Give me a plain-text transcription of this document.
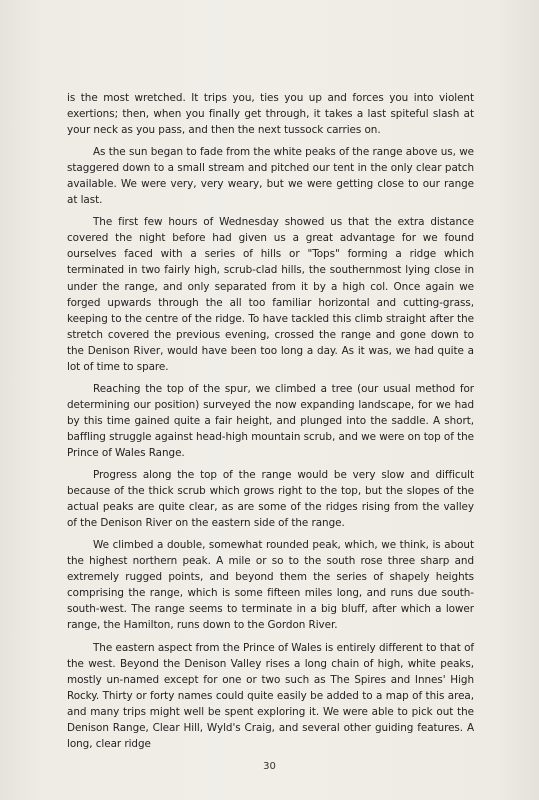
is the most wretched. It trips you, ties you up and forces you into violent exertions; then, when you finally get through, it takes a last spiteful slash at your neck as you pass, and then the next tussock carries on.

As the sun began to fade from the white peaks of the range above us, we staggered down to a small stream and pitched our tent in the only clear patch available. We were very, very weary, but we were getting close to our range at last.

The first few hours of Wednesday showed us that the extra distance covered the night before had given us a great advantage for we found ourselves faced with a series of hills or "Tops" forming a ridge which terminated in two fairly high, scrub-clad hills, the southernmost lying close in under the range, and only separated from it by a high col. Once again we forged upwards through the all too familiar horizontal and cutting-grass, keeping to the centre of the ridge. To have tackled this climb straight after the stretch covered the previous evening, crossed the range and gone down to the Denison River, would have been too long a day. As it was, we had quite a lot of time to spare.

Reaching the top of the spur, we climbed a tree (our usual method for determining our position) surveyed the now expanding landscape, for we had by this time gained quite a fair height, and plunged into the saddle. A short, baffling struggle against head-high mountain scrub, and we were on top of the Prince of Wales Range.

Progress along the top of the range would be very slow and difficult because of the thick scrub which grows right to the top, but the slopes of the actual peaks are quite clear, as are some of the ridges rising from the valley of the Denison River on the eastern side of the range.

We climbed a double, somewhat rounded peak, which, we think, is about the highest northern peak. A mile or so to the south rose three sharp and extremely rugged points, and beyond them the series of shapely heights comprising the range, which is some fifteen miles long, and runs due south-south-west. The range seems to terminate in a big bluff, after which a lower range, the Hamilton, runs down to the Gordon River.

The eastern aspect from the Prince of Wales is entirely different to that of the west. Beyond the Denison Valley rises a long chain of high, white peaks, mostly un-named except for one or two such as The Spires and Innes' High Rocky. Thirty or forty names could quite easily be added to a map of this area, and many trips might well be spent exploring it. We were able to pick out the Denison Range, Clear Hill, Wyld's Craig, and several other guiding features. A long, clear ridge

30
